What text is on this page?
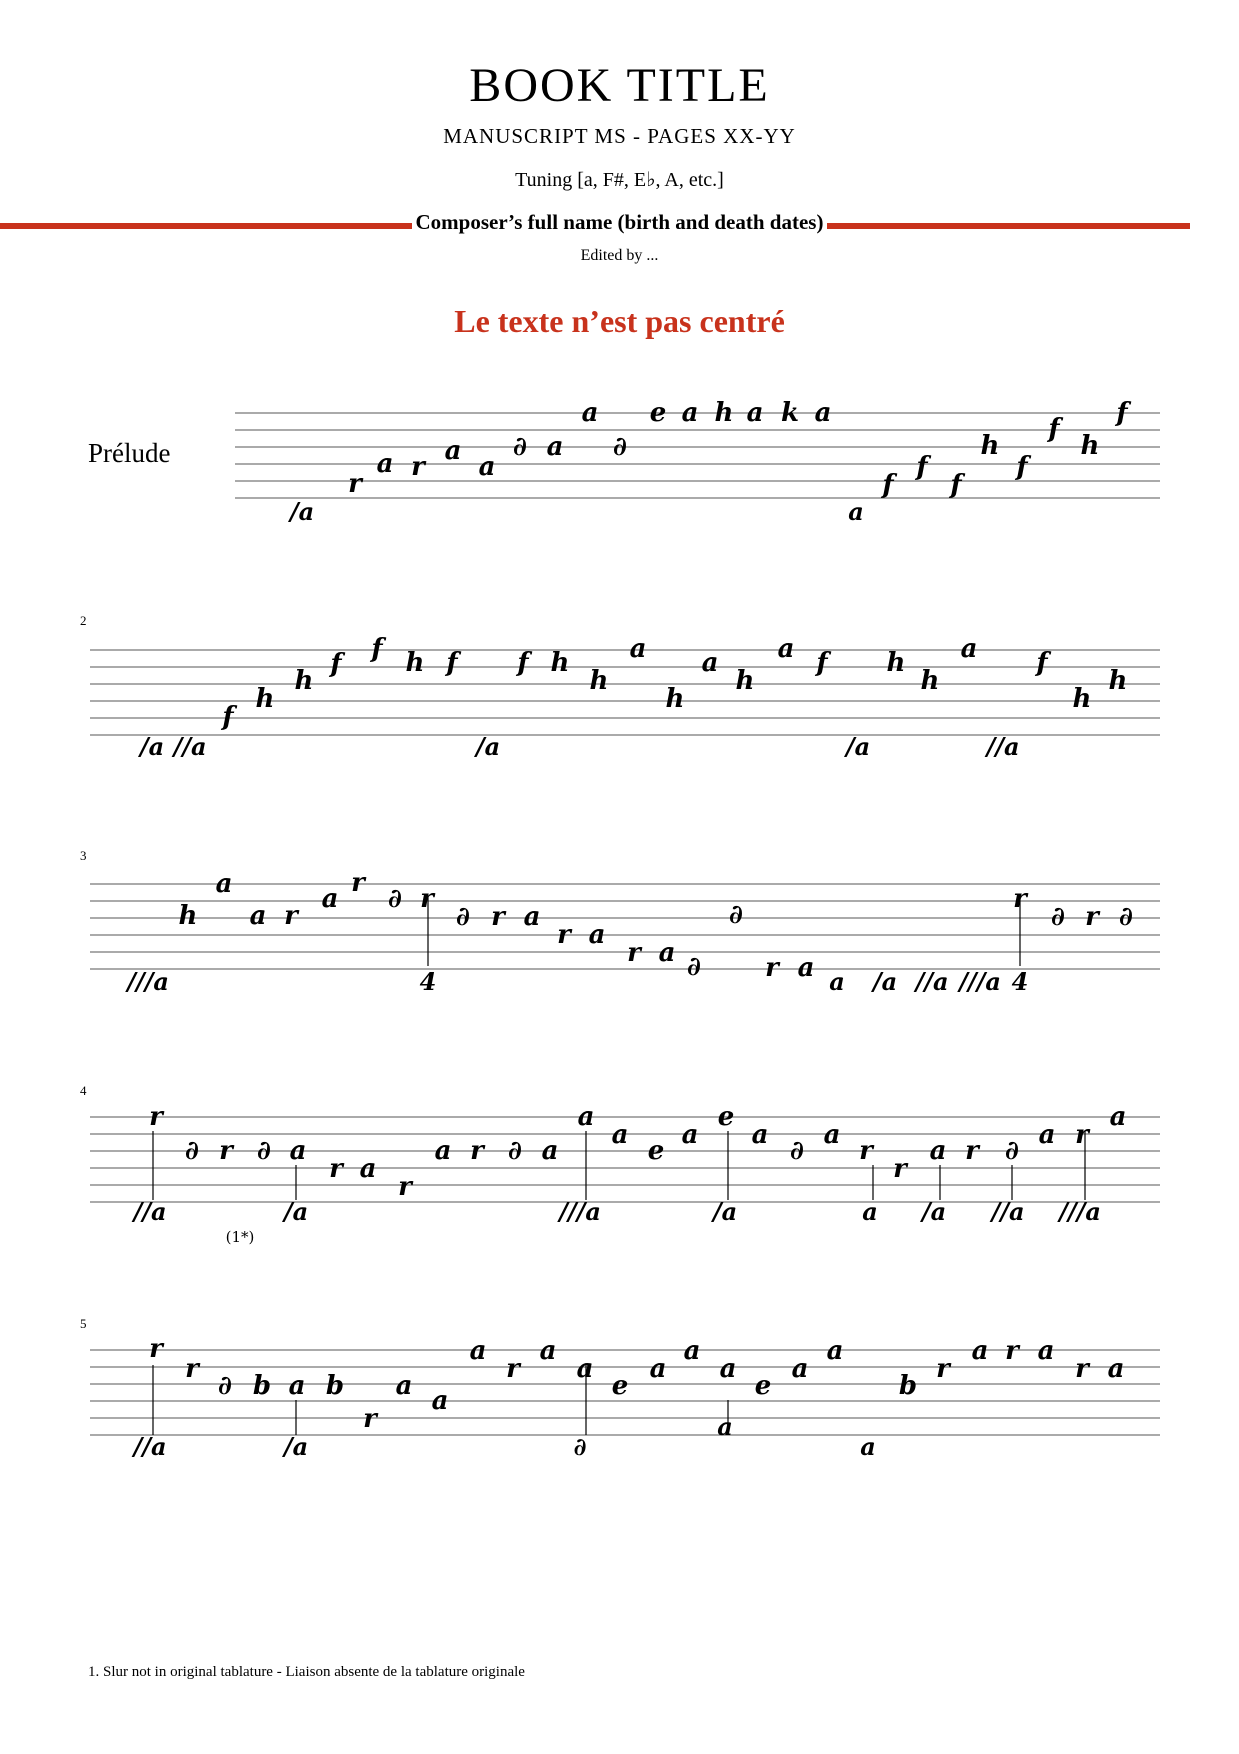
BOOK TITLE
MANUSCRIPT MS - PAGES XX-YY
Tuning [a, F#, E♭, A, etc.]
Composer’s full name (birth and death dates)
Edited by ...
Le texte n’est pas centré
Prélude
r
a r
a
a
∂ a
a
∂
e a h a k a
f
f
f
h
f
f
h
f
/a	a
2
f
h
h
f f h f f h
h
a
h
a
h
a f h
h
a f
h
h
/a //a	/a	/a	//a
3
h
a
a r
a
r
∂ r
∂ r a
r a
r a ∂
∂
r a
r
∂ r ∂
///a	4	a /a //a ///a 4
4
r
∂ r ∂ a
r a
r
a r ∂ a
a
a
e
a
e
a
∂
a
r
r
a r ∂
a r
a
//a
(1*)
/a	///a	/a	a /a //a ///a
5
r
r
∂ b a b
r
a a
a
r
a
a
e
a
a
a
e
a
a
b
r
a r a
r a
//a	/a	∂
a
a
1. Slur not in original tablature - Liaison absente de la tablature originale
